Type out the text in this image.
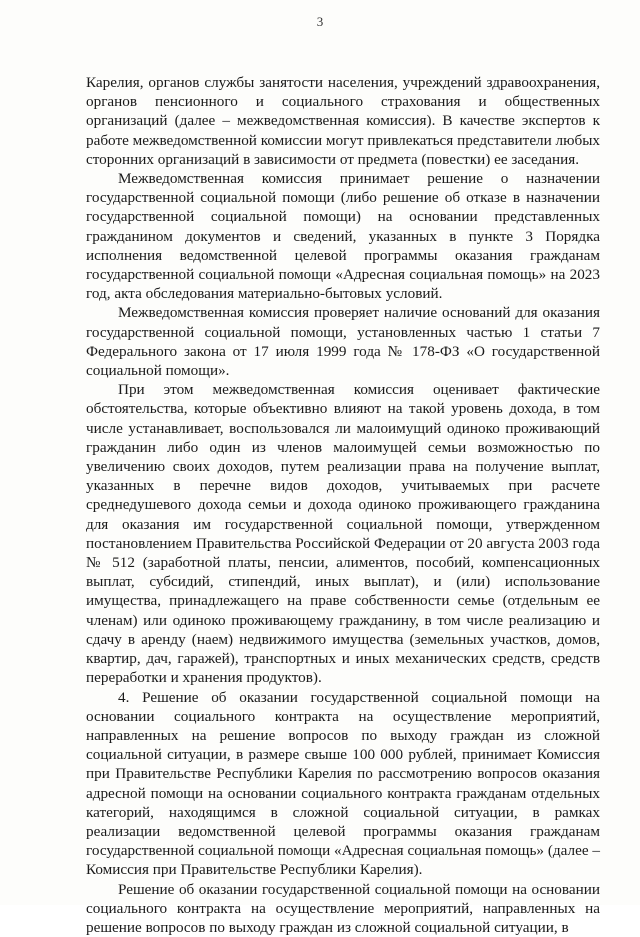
3

Карелия, органов службы занятости населения, учреждений здравоохранения, органов пенсионного и социального страхования и общественных организаций (далее – межведомственная комиссия). В качестве экспертов к работе межведомственной комиссии могут привлекаться представители любых сторонних организаций в зависимости от предмета (повестки) ее заседания.

Межведомственная комиссия принимает решение о назначении государственной социальной помощи (либо решение об отказе в назначении государственной социальной помощи) на основании представленных гражданином документов и сведений, указанных в пункте 3 Порядка исполнения ведомственной целевой программы оказания гражданам государственной социальной помощи «Адресная социальная помощь» на 2023 год, акта обследования материально-бытовых условий.

Межведомственная комиссия проверяет наличие оснований для оказания государственной социальной помощи, установленных частью 1 статьи 7 Федерального закона от 17 июля 1999 года № 178-ФЗ «О государственной социальной помощи».

При этом межведомственная комиссия оценивает фактические обстоятельства, которые объективно влияют на такой уровень дохода, в том числе устанавливает, воспользовался ли малоимущий одиноко проживающий гражданин либо один из членов малоимущей семьи возможностью по увеличению своих доходов, путем реализации права на получение выплат, указанных в перечне видов доходов, учитываемых при расчете среднедушевого дохода семьи и дохода одиноко проживающего гражданина для оказания им государственной социальной помощи, утвержденном постановлением Правительства Российской Федерации от 20 августа 2003 года № 512 (заработной платы, пенсии, алиментов, пособий, компенсационных выплат, субсидий, стипендий, иных выплат), и (или) использование имущества, принадлежащего на праве собственности семье (отдельным ее членам) или одиноко проживающему гражданину, в том числе реализацию и сдачу в аренду (наем) недвижимого имущества (земельных участков, домов, квартир, дач, гаражей), транспортных и иных механических средств, средств переработки и хранения продуктов).

4. Решение об оказании государственной социальной помощи на основании социального контракта на осуществление мероприятий, направленных на решение вопросов по выходу граждан из сложной социальной ситуации, в размере свыше 100 000 рублей, принимает Комиссия при Правительстве Республики Карелия по рассмотрению вопросов оказания адресной помощи на основании социального контракта гражданам отдельных категорий, находящимся в сложной социальной ситуации, в рамках реализации ведомственной целевой программы оказания гражданам государственной социальной помощи «Адресная социальная помощь» (далее – Комиссия при Правительстве Республики Карелия).

Решение об оказании государственной социальной помощи на основании социального контракта на осуществление мероприятий, направленных на решение вопросов по выходу граждан из сложной социальной ситуации, в
